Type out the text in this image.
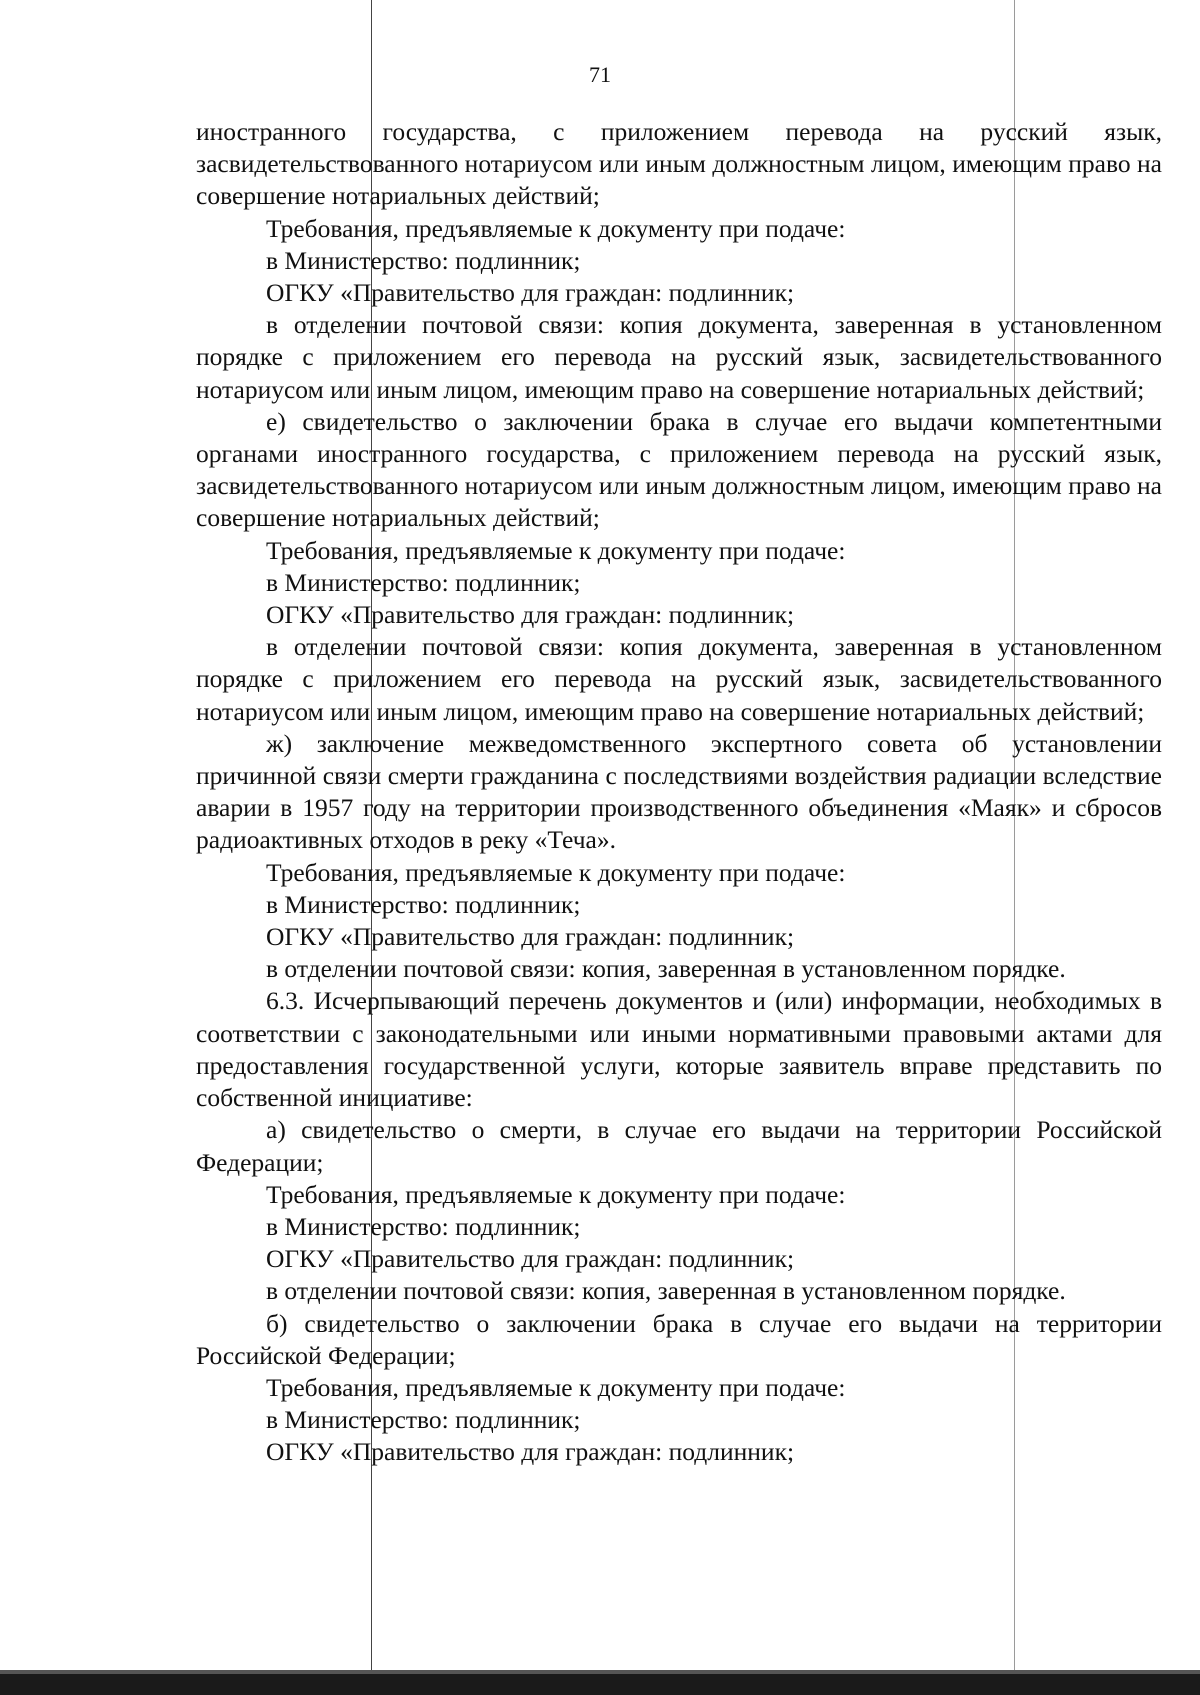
71

иностранного государства, с приложением перевода на русский язык, засвидетельствованного нотариусом или иным должностным лицом, имеющим право на совершение нотариальных действий;

Требования, предъявляемые к документу при подаче:

в Министерство: подлинник;

ОГКУ «Правительство для граждан: подлинник;

в отделении почтовой связи: копия документа, заверенная в установленном порядке с приложением его перевода на русский язык, засвидетельствованного нотариусом или иным лицом, имеющим право на совершение нотариальных действий;

е) свидетельство о заключении брака в случае его выдачи компетентными органами иностранного государства, с приложением перевода на русский язык, засвидетельствованного нотариусом или иным должностным лицом, имеющим право на совершение нотариальных действий;

Требования, предъявляемые к документу при подаче:

в Министерство: подлинник;

ОГКУ «Правительство для граждан: подлинник;

в отделении почтовой связи: копия документа, заверенная в установленном порядке с приложением его перевода на русский язык, засвидетельствованного нотариусом или иным лицом, имеющим право на совершение нотариальных действий;

ж) заключение межведомственного экспертного совета об установлении причинной связи смерти гражданина с последствиями воздействия радиации вследствие аварии в 1957 году на территории производственного объединения «Маяк» и сбросов радиоактивных отходов в реку «Теча».

Требования, предъявляемые к документу при подаче:

в Министерство: подлинник;

ОГКУ «Правительство для граждан: подлинник;

в отделении почтовой связи: копия, заверенная в установленном порядке.

6.3. Исчерпывающий перечень документов и (или) информации, необходимых в соответствии с законодательными или иными нормативными правовыми актами для предоставления государственной услуги, которые заявитель вправе представить по собственной инициативе:

а) свидетельство о смерти, в случае его выдачи на территории Российской Федерации;

Требования, предъявляемые к документу при подаче:

в Министерство: подлинник;

ОГКУ «Правительство для граждан: подлинник;

в отделении почтовой связи: копия, заверенная в установленном порядке.

б) свидетельство о заключении брака в случае его выдачи на территории Российской Федерации;

Требования, предъявляемые к документу при подаче:

в Министерство: подлинник;

ОГКУ «Правительство для граждан: подлинник;
